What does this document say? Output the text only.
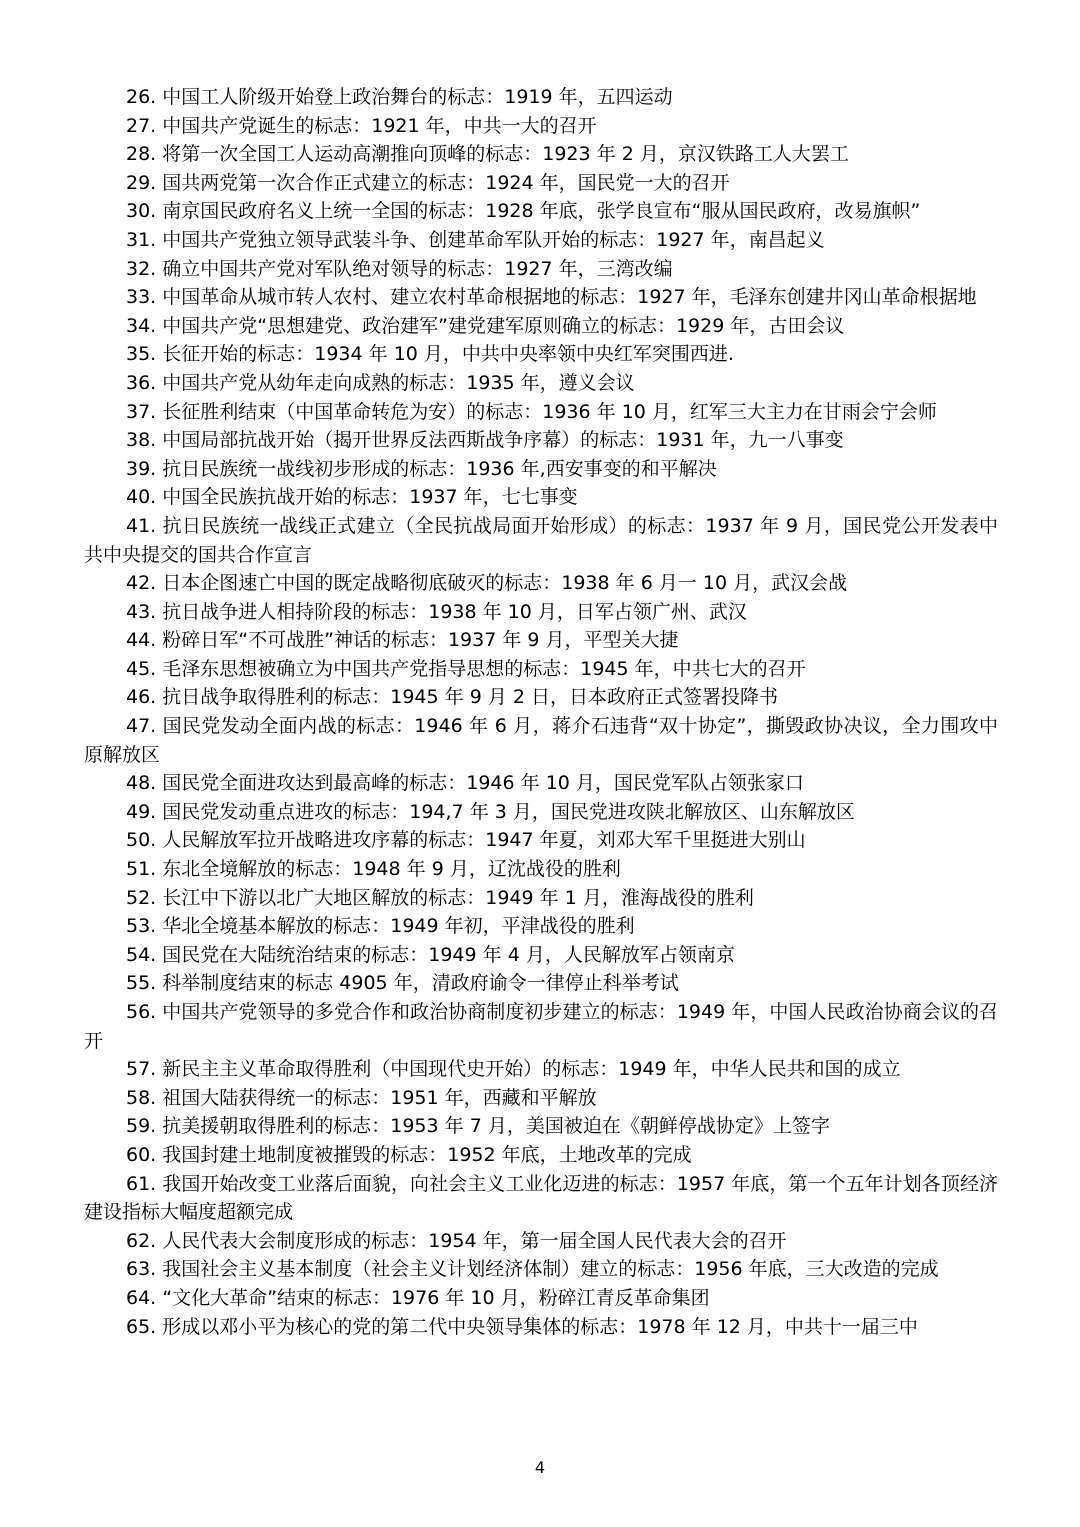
26. 中国工人阶级开始登上政治舞台的标志：1919 年，五四运动
27. 中国共产党诞生的标志：1921 年，中共一大的召开
28. 将第一次全国工人运动高潮推向顶峰的标志：1923 年 2 月，京汉铁路工人大罢工
29. 国共两党第一次合作正式建立的标志：1924 年，国民党一大的召开
30. 南京国民政府名义上统一全国的标志：1928 年底，张学良宣布“服从国民政府，改易旗帜”
31. 中国共产党独立领导武装斗争、创建革命军队开始的标志：1927 年，南昌起义
32. 确立中国共产党对军队绝对领导的标志：1927 年，三湾改编
33. 中国革命从城市转人农村、建立农村革命根据地的标志：1927 年，毛泽东创建井冈山革命根据地
34. 中国共产党“思想建党、政治建军”建党建军原则确立的标志：1929 年，古田会议
35. 长征开始的标志：1934 年 10 月，中共中央率领中央红军突围西进.
36. 中国共产党从幼年走向成熟的标志：1935 年，遵义会议
37. 长征胜利结束（中国革命转危为安）的标志：1936 年 10 月，红军三大主力在甘雨会宁会师
38. 中国局部抗战开始（揭开世界反法西斯战争序幕）的标志：1931 年，九一八事变
39. 抗日民族统一战线初步形成的标志：1936 年,西安事变的和平解决
40. 中国全民族抗战开始的标志：1937 年，七七事变
41. 抗日民族统一战线正式建立（全民抗战局面开始形成）的标志：1937 年 9 月，国民党公开发表中共中央提交的国共合作宣言
42. 日本企图速亡中国的既定战略彻底破灭的标志：1938 年 6 月一 10 月，武汉会战
43. 抗日战争进人相持阶段的标志：1938 年 10 月，日军占领广州、武汉
44. 粉碎日军“不可战胜”神话的标志：1937 年 9 月，平型关大捷
45. 毛泽东思想被确立为中国共产党指导思想的标志：1945 年，中共七大的召开
46. 抗日战争取得胜利的标志：1945 年 9 月 2 日，日本政府正式签署投降书
47. 国民党发动全面内战的标志：1946 年 6 月，蒋介石违背“双十协定”，撕毁政协决议，全力围攻中原解放区
48. 国民党全面进攻达到最高峰的标志：1946 年 10 月，国民党军队占领张家口
49. 国民党发动重点进攻的标志：194,7 年 3 月，国民党进攻陕北解放区、山东解放区
50. 人民解放军拉开战略进攻序幕的标志：1947 年夏，刘邓大军千里挺进大别山
51. 东北全境解放的标志：1948 年 9 月，辽沈战役的胜利
52. 长江中下游以北广大地区解放的标志：1949 年 1 月，淮海战役的胜利
53. 华北全境基本解放的标志：1949 年初，平津战役的胜利
54. 国民党在大陆统治结束的标志：1949 年 4 月，人民解放军占领南京
55. 科举制度结束的标志 4905 年，清政府谕令一律停止科举考试
56. 中国共产党领导的多党合作和政治协商制度初步建立的标志：1949 年，中国人民政治协商会议的召开
57. 新民主主义革命取得胜利（中国现代史开始）的标志：1949 年，中华人民共和国的成立
58. 祖国大陆获得统一的标志：1951 年，西藏和平解放
59. 抗美援朝取得胜利的标志：1953 年 7 月，美国被迫在《朝鲜停战协定》上签字
60. 我国封建土地制度被摧毁的标志：1952 年底，土地改革的完成
61. 我国开始改变工业落后面貌，向社会主义工业化迈进的标志：1957 年底，第一个五年计划各顶经济建设指标大幅度超额完成
62. 人民代表大会制度形成的标志：1954 年，第一届全国人民代表大会的召开
63. 我国社会主义基本制度（社会主义计划经济体制）建立的标志：1956 年底，三大改造的完成
64. “文化大革命”结束的标志：1976 年 10 月，粉碎江青反革命集团
65. 形成以邓小平为核心的党的第二代中央领导集体的标志：1978 年 12 月，中共十一届三中
4
